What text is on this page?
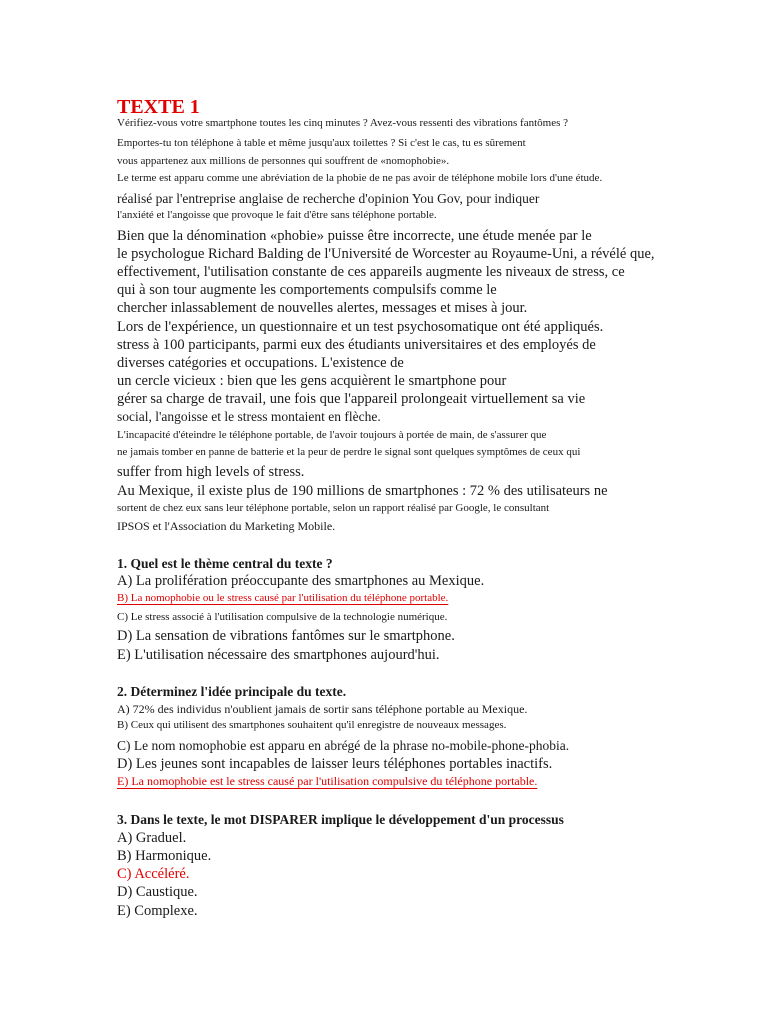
TEXTE 1
Vérifiez-vous votre smartphone toutes les cinq minutes ? Avez-vous ressenti des vibrations fantômes ?
Emportes-tu ton téléphone à table et même jusqu'aux toilettes ? Si c'est le cas, tu es sûrement
vous appartenez aux millions de personnes qui souffrent de «nomophobie».
Le terme est apparu comme une abréviation de la phobie de ne pas avoir de téléphone mobile lors d'une étude.
réalisé par l'entreprise anglaise de recherche d'opinion You Gov, pour indiquer
l'anxiété et l'angoisse que provoque le fait d'être sans téléphone portable.
Bien que la dénomination «phobie» puisse être incorrecte, une étude menée par le
le psychologue Richard Balding de l'Université de Worcester au Royaume-Uni, a révélé que,
effectivement, l'utilisation constante de ces appareils augmente les niveaux de stress, ce
qui à son tour augmente les comportements compulsifs comme le
chercher inlassablement de nouvelles alertes, messages et mises à jour.
Lors de l'expérience, un questionnaire et un test psychosomatique ont été appliqués.
stress à 100 participants, parmi eux des étudiants universitaires et des employés de
diverses catégories et occupations. L'existence de
un cercle vicieux : bien que les gens acquièrent le smartphone pour
gérer sa charge de travail, une fois que l'appareil prolongeait virtuellement sa vie
social, l'angoisse et le stress montaient en flèche.
L'incapacité d'éteindre le téléphone portable, de l'avoir toujours à portée de main, de s'assurer que
ne jamais tomber en panne de batterie et la peur de perdre le signal sont quelques symptômes de ceux qui
suffer from high levels of stress.
Au Mexique, il existe plus de 190 millions de smartphones : 72 % des utilisateurs ne
sortent de chez eux sans leur téléphone portable, selon un rapport réalisé par Google, le consultant
IPSOS et l'Association du Marketing Mobile.
1. Quel est le thème central du texte ?
A) La prolifération préoccupante des smartphones au Mexique.
B) La nomophobie ou le stress causé par l'utilisation du téléphone portable.
C) Le stress associé à l'utilisation compulsive de la technologie numérique.
D) La sensation de vibrations fantômes sur le smartphone.
E) L'utilisation nécessaire des smartphones aujourd'hui.
2. Déterminez l'idée principale du texte.
A) 72% des individus n'oublient jamais de sortir sans téléphone portable au Mexique.
B) Ceux qui utilisent des smartphones souhaitent qu'il enregistre de nouveaux messages.
C) Le nom nomophobie est apparu en abrégé de la phrase no-mobile-phone-phobia.
D) Les jeunes sont incapables de laisser leurs téléphones portables inactifs.
E) La nomophobie est le stress causé par l'utilisation compulsive du téléphone portable.
3. Dans le texte, le mot DISPARER implique le développement d'un processus
A) Graduel.
B) Harmonique.
C) Accéléré.
D) Caustique.
E) Complexe.
